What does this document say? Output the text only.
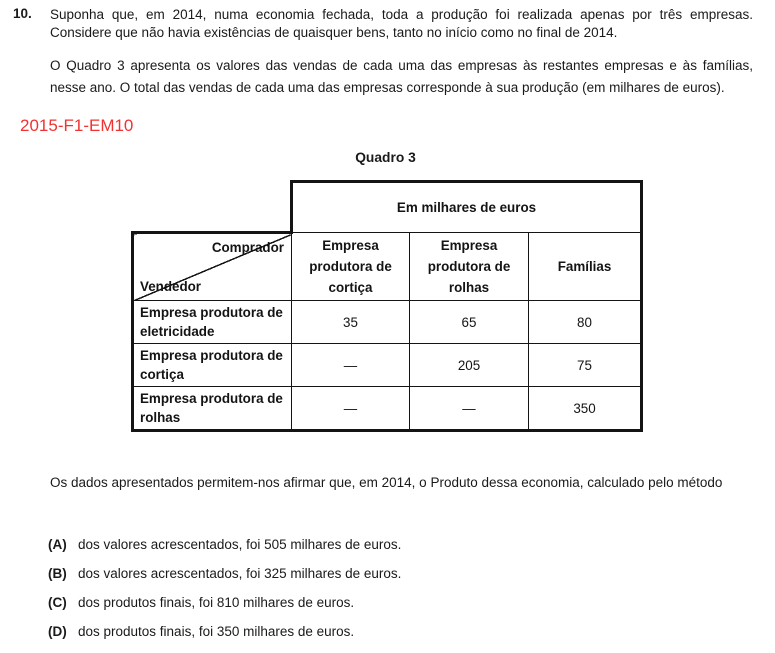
10. Suponha que, em 2014, numa economia fechada, toda a produção foi realizada apenas por três empresas. Considere que não havia existências de quaisquer bens, tanto no início como no final de 2014.
O Quadro 3 apresenta os valores das vendas de cada uma das empresas às restantes empresas e às famílias, nesse ano. O total das vendas de cada uma das empresas corresponde à sua produção (em milhares de euros).
2015-F1-EM10
Quadro 3
	Em milhares de euros		

Comprador
Vendedor	Empresa produtora de cortiça	Empresa produtora de rolhas	Famílias
Empresa produtora de eletricidade	35	65	80
Empresa produtora de cortiça	—	205	75
Empresa produtora de rolhas	—	—	350
Os dados apresentados permitem-nos afirmar que, em 2014, o Produto dessa economia, calculado pelo método
(A) dos valores acrescentados, foi 505 milhares de euros.
(B) dos valores acrescentados, foi 325 milhares de euros.
(C) dos produtos finais, foi 810 milhares de euros.
(D) dos produtos finais, foi 350 milhares de euros.
